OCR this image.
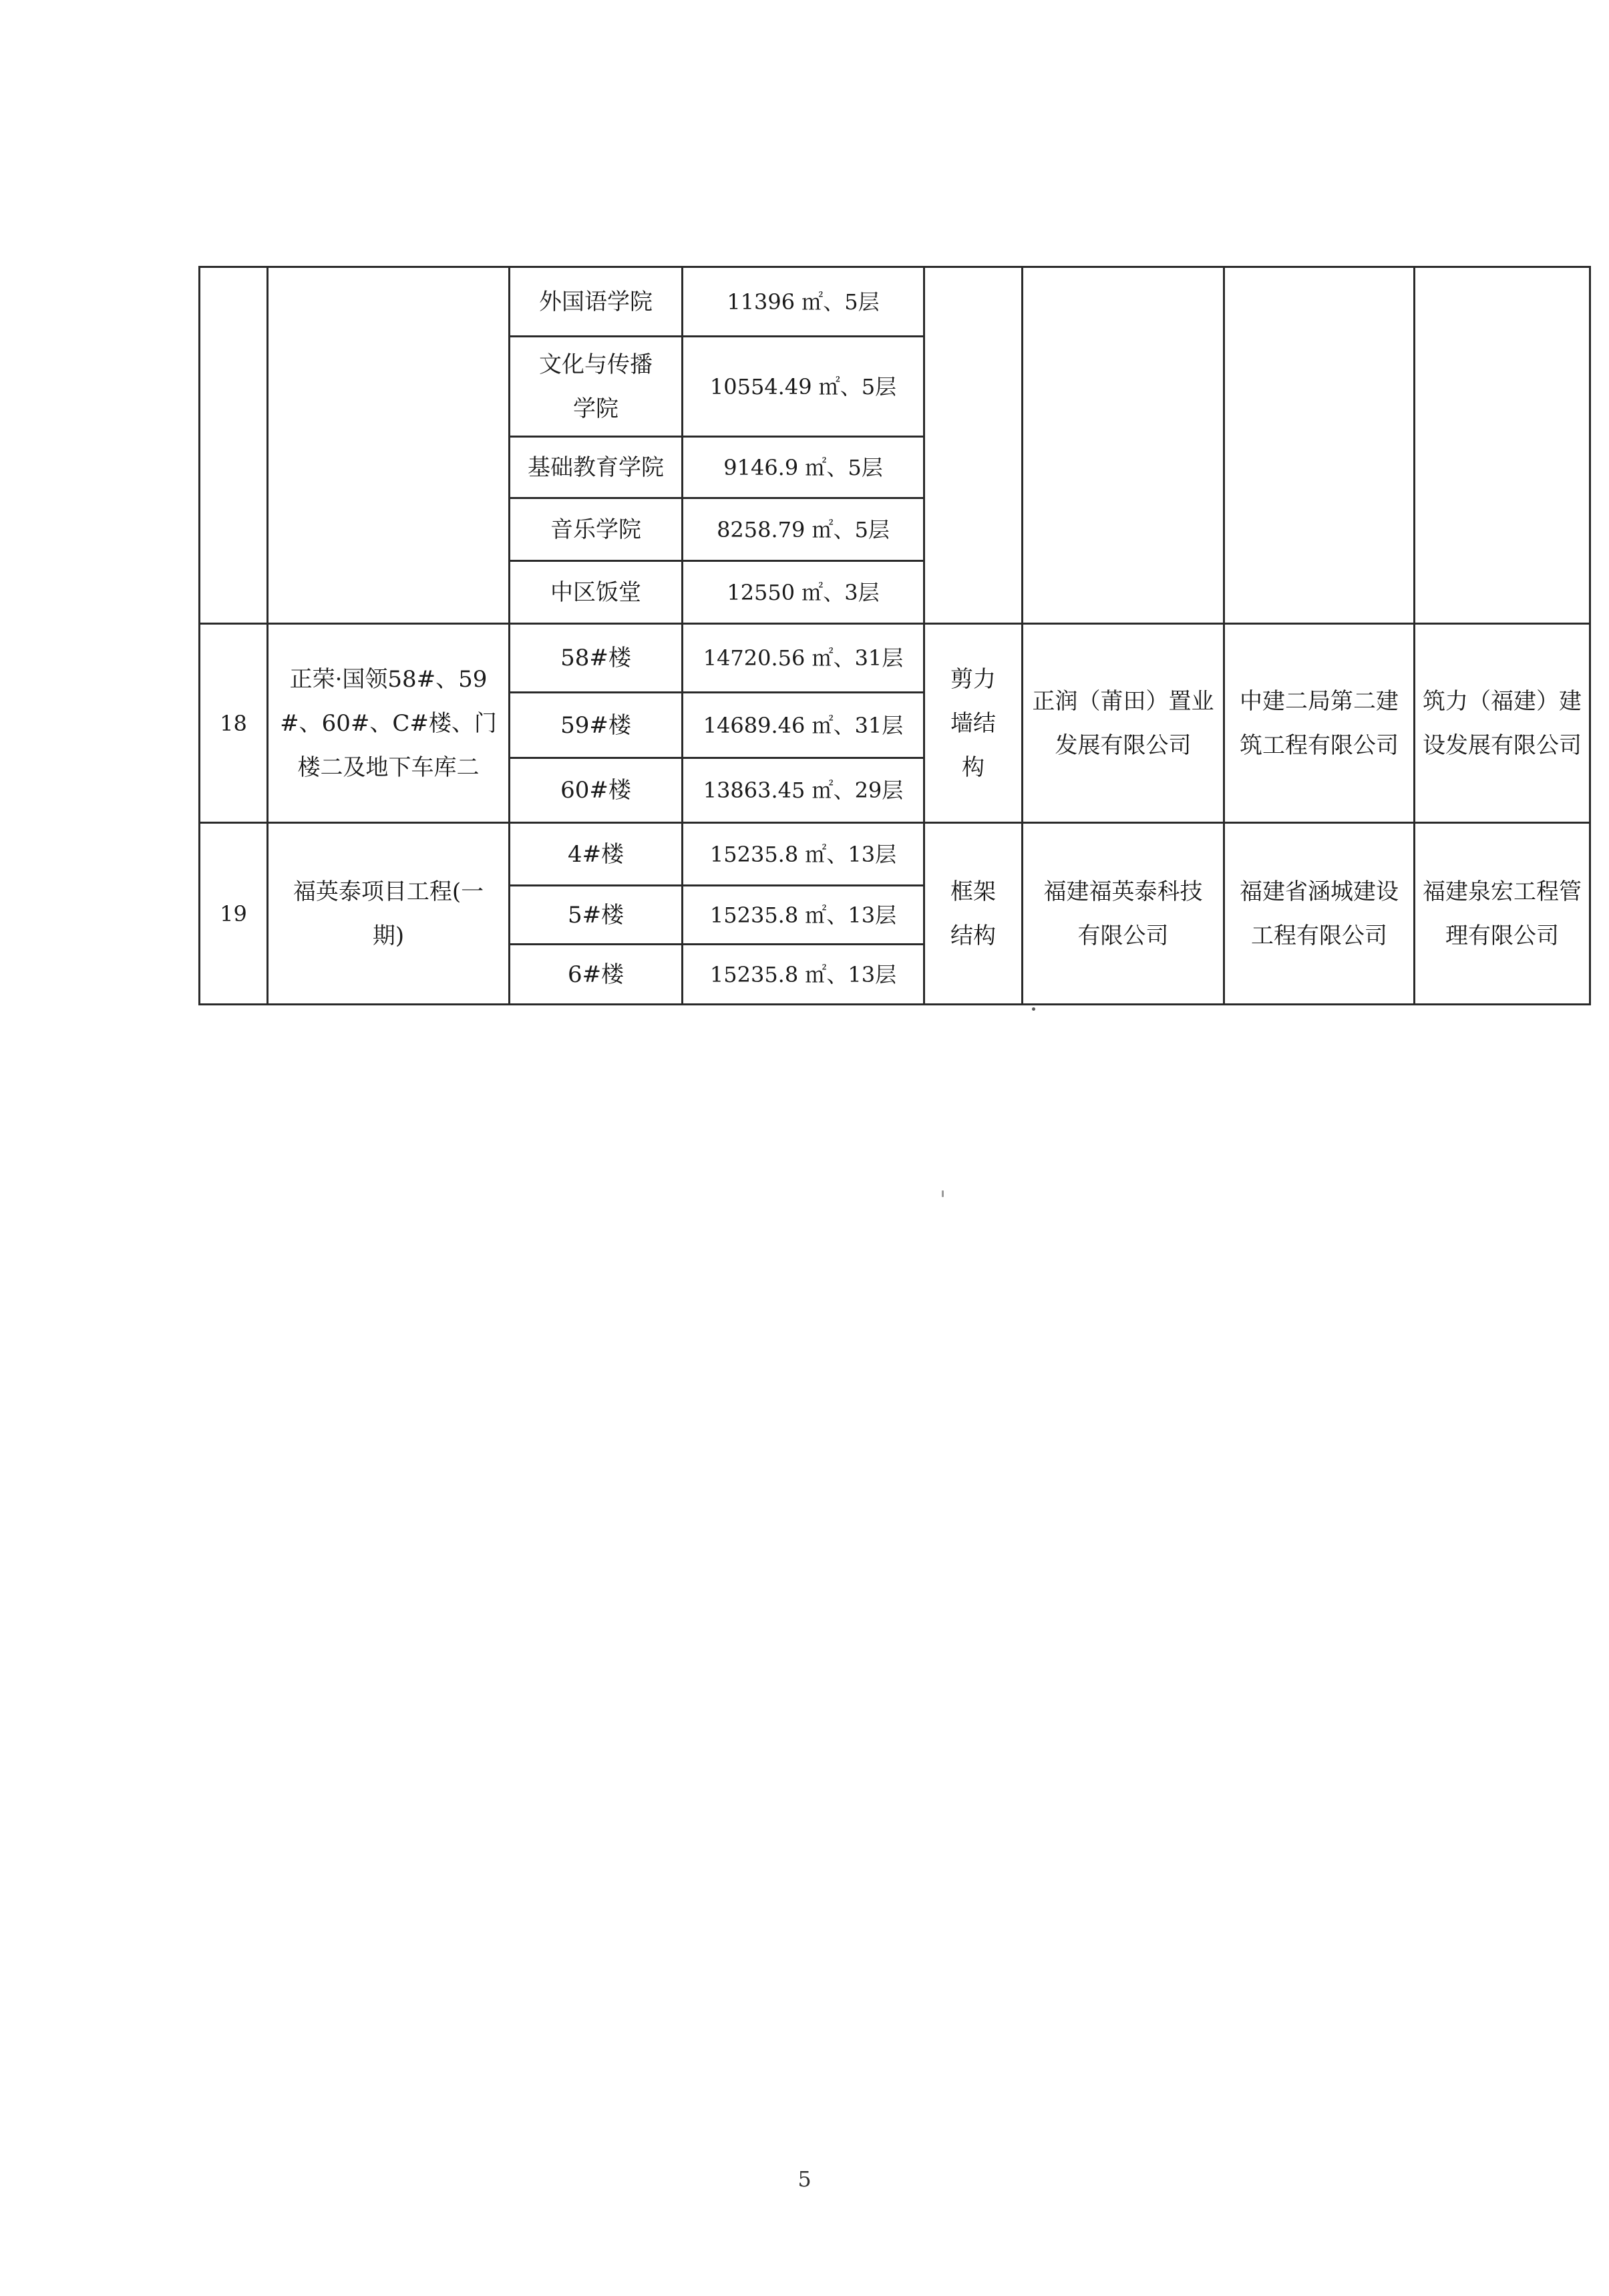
		外国语学院	11396 ㎡、5层				
		文化与传播学院	10554.49 ㎡、5层				
		基础教育学院	9146.9 ㎡、5层				
		音乐学院	8258.79 ㎡、5层				
		中区饭堂	12550 ㎡、3层				
18	正荣·国领58#、59#、60#、C#楼、门楼二及地下车库二	58#楼	14720.56 ㎡、31层	剪力墙结构	正润（莆田）置业发展有限公司	中建二局第二建筑工程有限公司	筑力（福建）建设发展有限公司
		59#楼	14689.46 ㎡、31层				
		60#楼	13863.45 ㎡、29层				
19	福英泰项目工程(一期)	4#楼	15235.8 ㎡、13层	框架结构	福建福英泰科技有限公司	福建省涵城建设工程有限公司	福建泉宏工程管理有限公司
		5#楼	15235.8 ㎡、13层				
		6#楼	15235.8 ㎡、13层				
5
